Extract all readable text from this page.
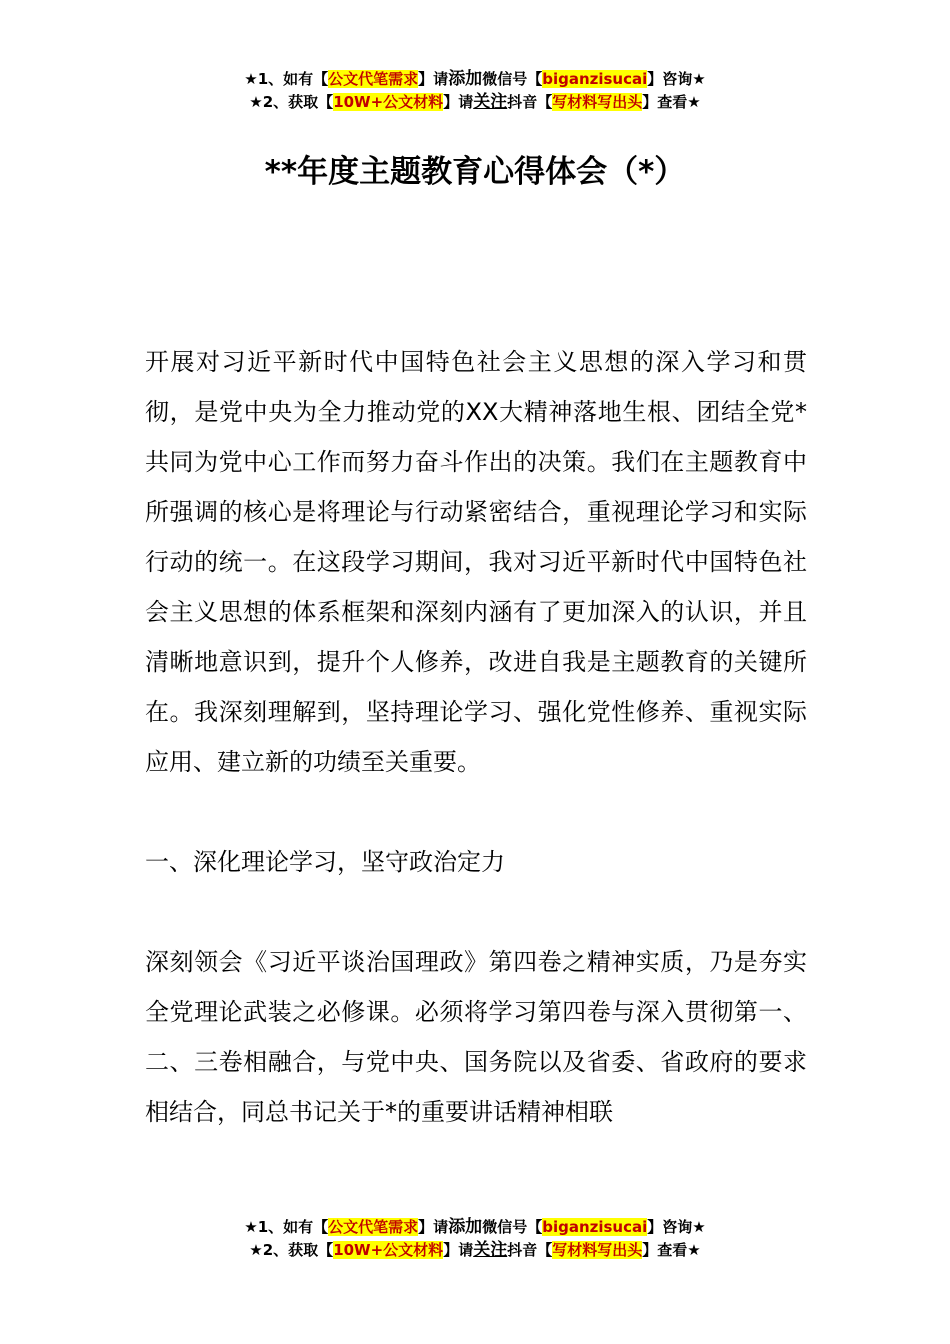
★1、如有【公文代笔需求】请添加微信号【biganzisucai】咨询★
★2、获取【10W+公文材料】请关注抖音【写材料写出头】查看★
**年度主题教育心得体会（*）

开展对习近平新时代中国特色社会主义思想的深入学习和贯彻，是党中央为全力推动党的XX大精神落地生根、团结全党*共同为党中心工作而努力奋斗作出的决策。我们在主题教育中所强调的核心是将理论与行动紧密结合，重视理论学习和实际行动的统一。在这段学习期间，我对习近平新时代中国特色社会主义思想的体系框架和深刻内涵有了更加深入的认识，并且清晰地意识到，提升个人修养，改进自我是主题教育的关键所在。我深刻理解到，坚持理论学习、强化党性修养、重视实际应用、建立新的功绩至关重要。

一、深化理论学习，坚守政治定力

深刻领会《习近平谈治国理政》第四卷之精神实质，乃是夯实全党理论武装之必修课。必须将学习第四卷与深入贯彻第一、二、三卷相融合，与党中央、国务院以及省委、省政府的要求相结合，同总书记关于*的重要讲话精神相联

★1、如有【公文代笔需求】请添加微信号【biganzisucai】咨询★
★2、获取【10W+公文材料】请关注抖音【写材料写出头】查看★
